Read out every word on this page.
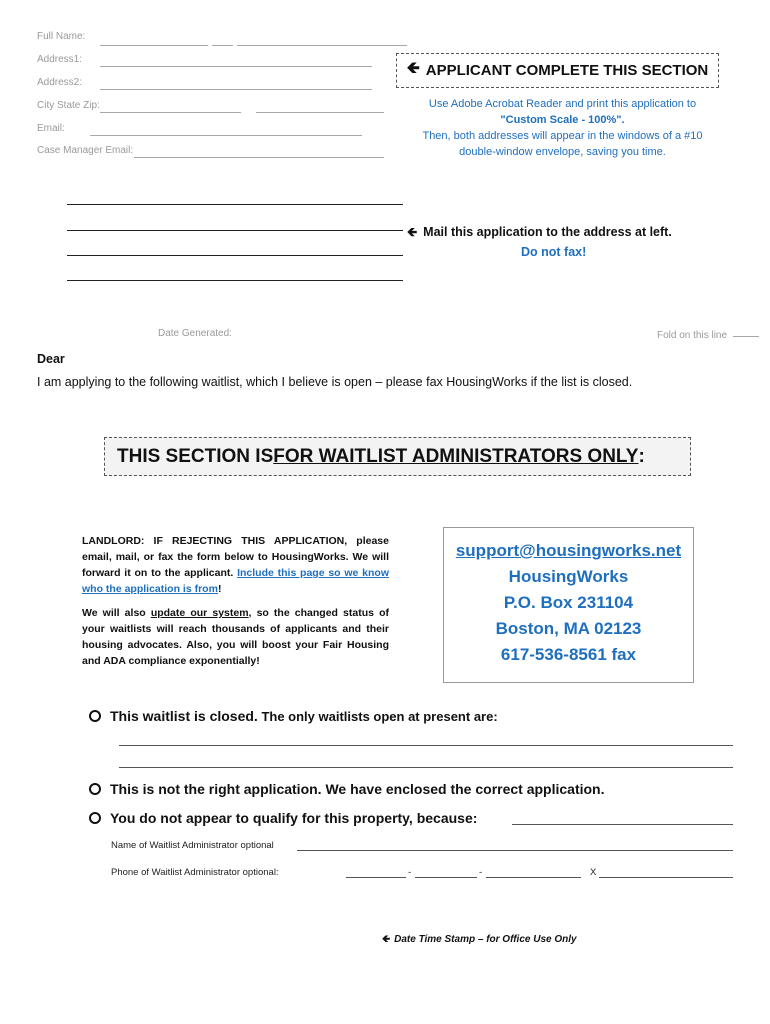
Full Name:
Address1:
Address2:
City State Zip:
Email:
Case Manager Email:
🡸 APPLICANT COMPLETE THIS SECTION
Use Adobe Acrobat Reader and print this application to
"Custom Scale - 100%".
Then, both addresses will appear in the windows of a #10
double-window envelope, saving you time.
🡸 Mail this application to the address at left.
Do not fax!
Date Generated:	Fold on this line
Dear
I am applying to the following waitlist, which I believe is open – please fax HousingWorks if the list is closed.
THIS SECTION IS FOR WAITLIST ADMINISTRATORS ONLY :

LANDLORD: IF REJECTING THIS APPLICATION, please email, mail, or fax the form below to HousingWorks. We will forward it on to the applicant. Include this page so we know who the application is from!

We will also update our system, so the changed status of your waitlists will reach thousands of applicants and their housing advocates. Also, you will boost your Fair Housing and ADA compliance exponentially!

support@housingworks.net
HousingWorks
P.O. Box 231104
Boston, MA 02123
617-536-8561 fax
This waitlist is closed. The only waitlists open at present are:
This is not the right application. We have enclosed the correct application.
You do not appear to qualify for this property, because:
Name of Waitlist Administrator optional
Phone of Waitlist Administrator optional:	-	-	X
🡸 Date Time Stamp – for Office Use Only
